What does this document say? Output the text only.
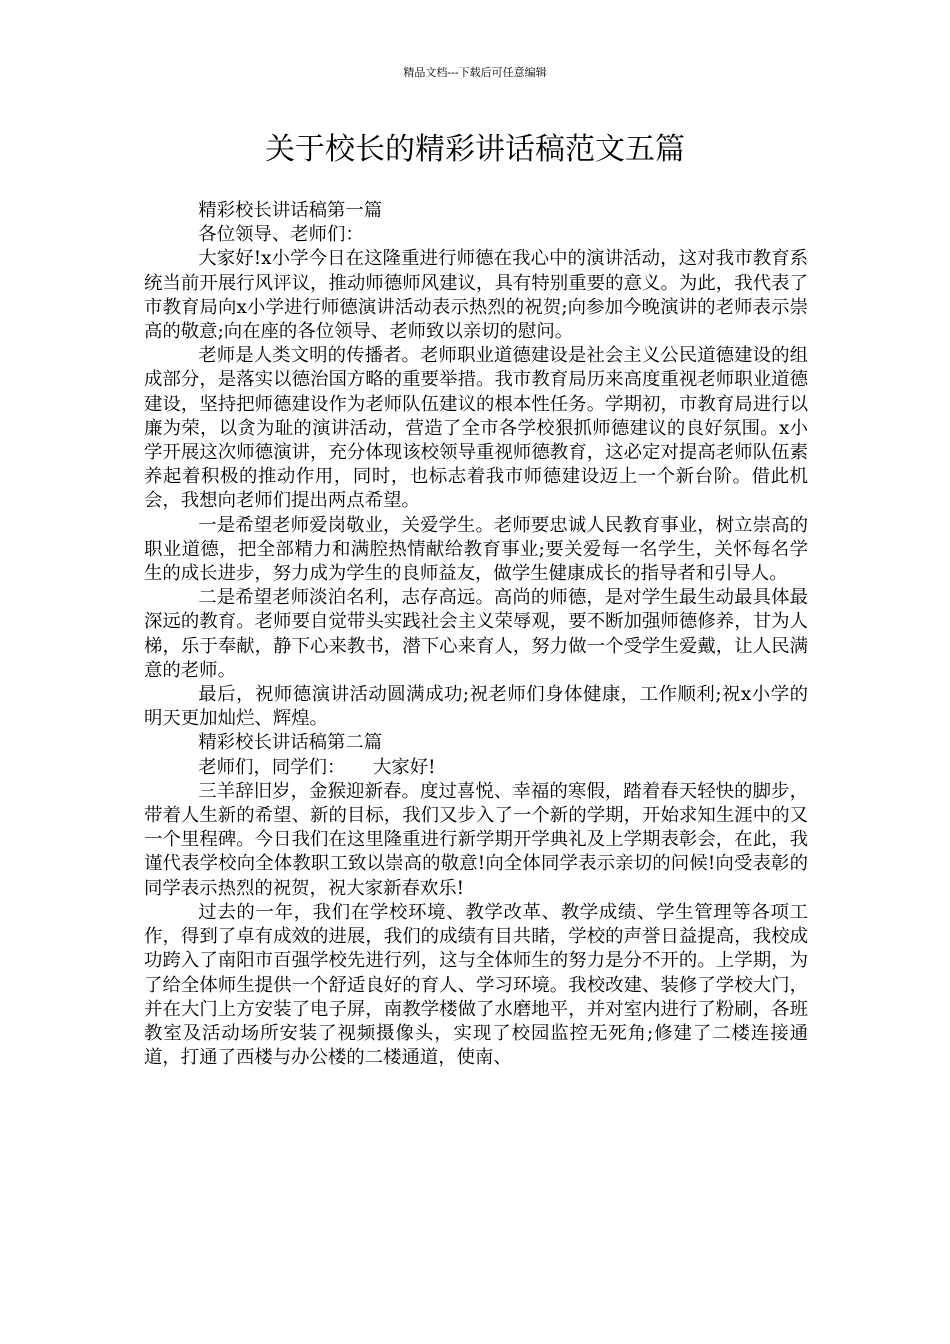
精品文档---下载后可任意编辑
关于校长的精彩讲话稿范文五篇

精彩校长讲话稿第一篇

各位领导、老师们：

大家好!x小学今日在这隆重进行师德在我心中的演讲活动，这对我市教育系统当前开展行风评议，推动师德师风建议，具有特别重要的意义。为此，我代表了市教育局向x小学进行师德演讲活动表示热烈的祝贺;向参加今晚演讲的老师表示崇高的敬意;向在座的各位领导、老师致以亲切的慰问。

老师是人类文明的传播者。老师职业道德建设是社会主义公民道德建设的组成部分，是落实以德治国方略的重要举措。我市教育局历来高度重视老师职业道德建设，坚持把师德建设作为老师队伍建议的根本性任务。学期初，市教育局进行以廉为荣，以贪为耻的演讲活动，营造了全市各学校狠抓师德建议的良好氛围。x小学开展这次师德演讲，充分体现该校领导重视师德教育，这必定对提高老师队伍素养起着积极的推动作用，同时，也标志着我市师德建设迈上一个新台阶。借此机会，我想向老师们提出两点希望。

一是希望老师爱岗敬业，关爱学生。老师要忠诚人民教育事业，树立崇高的职业道德，把全部精力和满腔热情献给教育事业;要关爱每一名学生，关怀每名学生的成长进步，努力成为学生的良师益友，做学生健康成长的指导者和引导人。

二是希望老师淡泊名利，志存高远。高尚的师德，是对学生最生动最具体最深远的教育。老师要自觉带头实践社会主义荣辱观，要不断加强师德修养，甘为人梯，乐于奉献，静下心来教书，潜下心来育人，努力做一个受学生爱戴，让人民满意的老师。

最后，祝师德演讲活动圆满成功;祝老师们身体健康，工作顺利;祝x小学的明天更加灿烂、辉煌。

精彩校长讲话稿第二篇

老师们，同学们：　　大家好!

三羊辞旧岁，金猴迎新春。度过喜悦、幸福的寒假，踏着春天轻快的脚步，带着人生新的希望、新的目标，我们又步入了一个新的学期，开始求知生涯中的又一个里程碑。今日我们在这里隆重进行新学期开学典礼及上学期表彰会，在此，我谨代表学校向全体教职工致以崇高的敬意!向全体同学表示亲切的问候!向受表彰的同学表示热烈的祝贺，祝大家新春欢乐!

过去的一年，我们在学校环境、教学改革、教学成绩、学生管理等各项工作，得到了卓有成效的进展，我们的成绩有目共睹，学校的声誉日益提高，我校成功跨入了南阳市百强学校先进行列，这与全体师生的努力是分不开的。上学期，为了给全体师生提供一个舒适良好的育人、学习环境。我校改建、装修了学校大门，并在大门上方安装了电子屏，南教学楼做了水磨地平，并对室内进行了粉刷，各班教室及活动场所安装了视频摄像头，实现了校园监控无死角;修建了二楼连接通道，打通了西楼与办公楼的二楼通道，使南、
